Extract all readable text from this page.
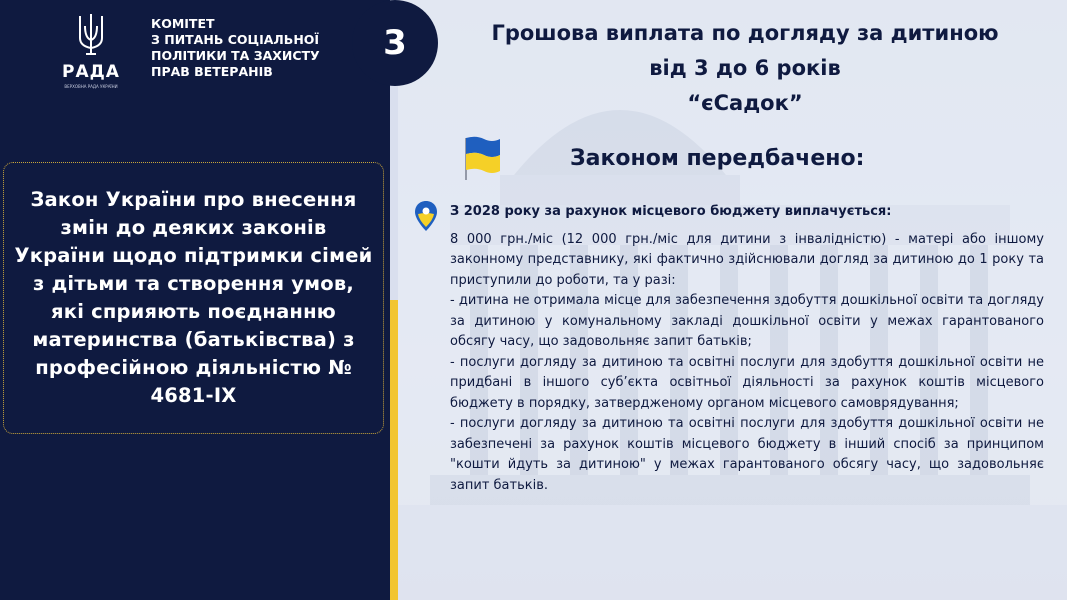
РАДА
ВЕРХОВНА РАДА УКРАЇНИ
КОМІТЕТ
З ПИТАНЬ СОЦІАЛЬНОЇ
ПОЛІТИКИ ТА ЗАХИСТУ
ПРАВ ВЕТЕРАНІВ

Закон України про внесення змін до деяких законів України щодо підтримки сімей з дітьми та створення умов, які сприяють поєднанню материнства (батьківства) з професійною діяльністю № 4681-ІХ

3	Грошова виплата по догляду за дитиною
від 3 до 6 років
“єСадок”
Законом передбачено:
З 2028 року за рахунок місцевого бюджету виплачується:

8 000 грн./міс (12 000 грн./міс для дитини з інвалідністю) - матері або іншому законному представнику, які фактично здійснювали догляд за дитиною до 1 року та приступили до роботи, та у разі:

- дитина не отримала місце для забезпечення здобуття дошкільної освіти та догляду за дитиною у комунальному закладі дошкільної освіти у межах гарантованого обсягу часу, що задовольняє запит батьків;

- послуги догляду за дитиною та освітні послуги для здобуття дошкільної освіти не придбані в іншого суб’єкта освітньої діяльності за рахунок коштів місцевого бюджету в порядку, затвердженому органом місцевого самоврядування;

- послуги догляду за дитиною та освітні послуги для здобуття дошкільної освіти не забезпечені за рахунок коштів місцевого бюджету в інший спосіб за принципом "кошти йдуть за дитиною" у межах гарантованого обсягу часу, що задовольняє запит батьків.
